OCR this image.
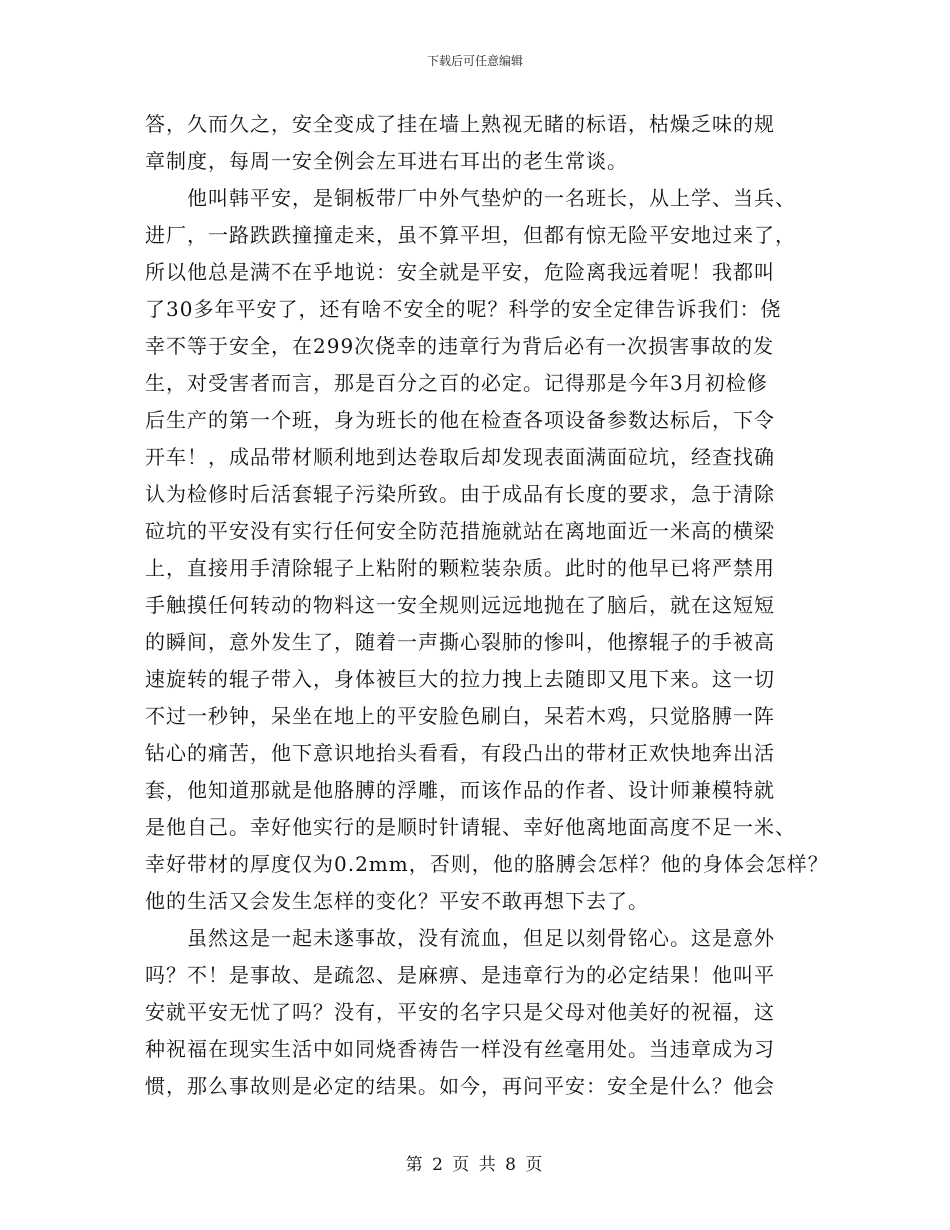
下载后可任意编辑
答，久而久之，安全变成了挂在墙上熟视无睹的标语，枯燥乏味的规
章制度，每周一安全例会左耳进右耳出的老生常谈。
他叫韩平安，是铜板带厂中外气垫炉的一名班长，从上学、当兵、
进厂，一路跌跌撞撞走来，虽不算平坦，但都有惊无险平安地过来了，
所以他总是满不在乎地说：安全就是平安，危险离我远着呢！我都叫
了30多年平安了，还有啥不安全的呢？科学的安全定律告诉我们：侥
幸不等于安全，在299次侥幸的违章行为背后必有一次损害事故的发
生，对受害者而言，那是百分之百的必定。记得那是今年3月初检修
后生产的第一个班，身为班长的他在检查各项设备参数达标后，下令
开车！，成品带材顺利地到达卷取后却发现表面满面砬坑，经查找确
认为检修时后活套辊子污染所致。由于成品有长度的要求，急于清除
砬坑的平安没有实行任何安全防范措施就站在离地面近一米高的横梁
上，直接用手清除辊子上粘附的颗粒装杂质。此时的他早已将严禁用
手触摸任何转动的物料这一安全规则远远地抛在了脑后，就在这短短
的瞬间，意外发生了，随着一声撕心裂肺的惨叫，他擦辊子的手被高
速旋转的辊子带入，身体被巨大的拉力拽上去随即又甩下来。这一切
不过一秒钟，呆坐在地上的平安脸色刷白，呆若木鸡，只觉胳膊一阵
钻心的痛苦，他下意识地抬头看看，有段凸出的带材正欢快地奔出活
套，他知道那就是他胳膊的浮雕，而该作品的作者、设计师兼模特就
是他自己。幸好他实行的是顺时针请辊、幸好他离地面高度不足一米、
幸好带材的厚度仅为0.2mm，否则，他的胳膊会怎样？他的身体会怎样？
他的生活又会发生怎样的变化？平安不敢再想下去了。
虽然这是一起未遂事故，没有流血，但足以刻骨铭心。这是意外
吗？不！是事故、是疏忽、是麻痹、是违章行为的必定结果！他叫平
安就平安无忧了吗？没有，平安的名字只是父母对他美好的祝福，这
种祝福在现实生活中如同烧香祷告一样没有丝毫用处。当违章成为习
惯，那么事故则是必定的结果。如今，再问平安：安全是什么？他会
第 2 页 共 8 页
